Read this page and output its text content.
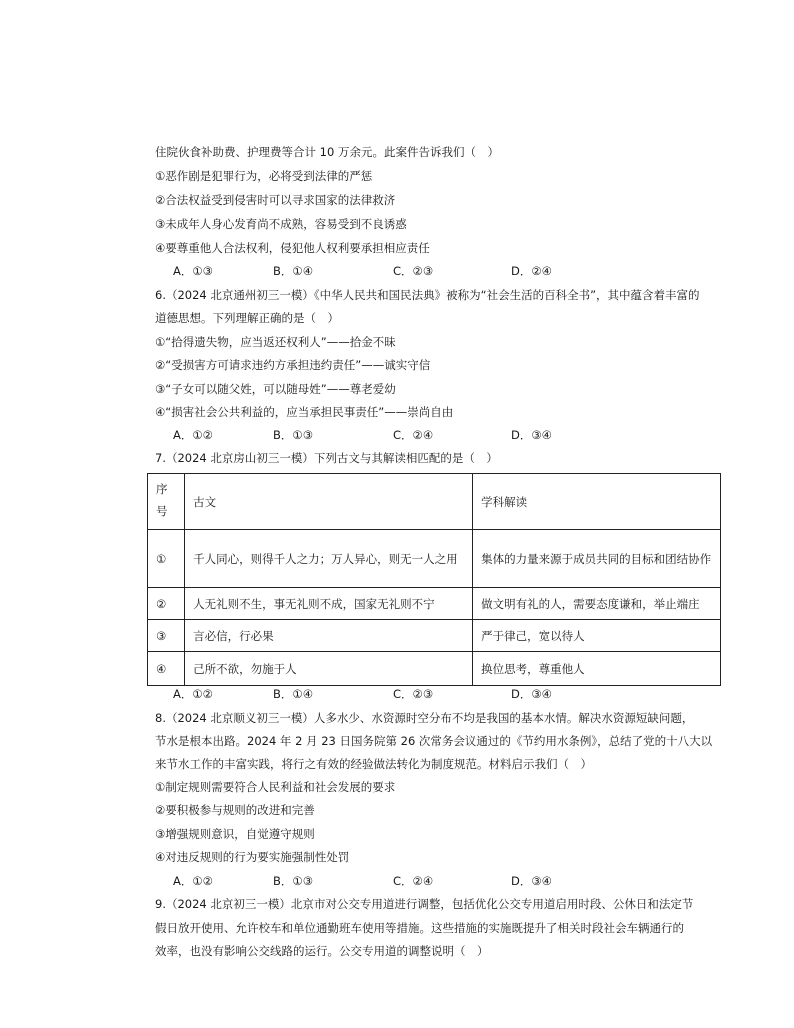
住院伙食补助费、护理费等合计 10 万余元。此案件告诉我们（　）
①恶作剧是犯罪行为，必将受到法律的严惩
②合法权益受到侵害时可以寻求国家的法律救济
③未成年人身心发育尚不成熟，容易受到不良诱惑
④要尊重他人合法权利，侵犯他人权利要承担相应责任
A．①③	B．①④	C．②③	D．②④
6.（2024 北京通州初三一模）《中华人民共和国民法典》被称为“社会生活的百科全书”，其中蕴含着丰富的
道德思想。下列理解正确的是（　）
①“拾得遗失物，应当返还权利人”——拾金不昧
②“受损害方可请求违约方承担违约责任”——诚实守信
③“子女可以随父姓，可以随母姓”——尊老爱幼
④“损害社会公共利益的，应当承担民事责任”——崇尚自由
A．①②	B．①③	C．②④	D．③④
7.（2024 北京房山初三一模）下列古文与其解读相匹配的是（　）
序号	古文	学科解读
①	千人同心，则得千人之力；万人异心，则无一人之用	集体的力量来源于成员共同的目标和团结协作
②	人无礼则不生，事无礼则不成，国家无礼则不宁	做文明有礼的人，需要态度谦和，举止端庄
③	言必信，行必果	严于律己，宽以待人
④	己所不欲，勿施于人	换位思考，尊重他人
A．①②	B．①④	C．②③	D．③④
8.（2024 北京顺义初三一模）人多水少、水资源时空分布不均是我国的基本水情。解决水资源短缺问题，
节水是根本出路。2024 年 2 月 23 日国务院第 26 次常务会议通过的《节约用水条例》，总结了党的十八大以
来节水工作的丰富实践，将行之有效的经验做法转化为制度规范。材料启示我们（　）
①制定规则需要符合人民利益和社会发展的要求
②要积极参与规则的改进和完善
③增强规则意识，自觉遵守规则
④对违反规则的行为要实施强制性处罚
A．①②	B．①③	C．②④	D．③④
9.（2024 北京初三一模）北京市对公交专用道进行调整，包括优化公交专用道启用时段、公休日和法定节
假日放开使用、允许校车和单位通勤班车使用等措施。这些措施的实施既提升了相关时段社会车辆通行的
效率，也没有影响公交线路的运行。公交专用道的调整说明（　）
